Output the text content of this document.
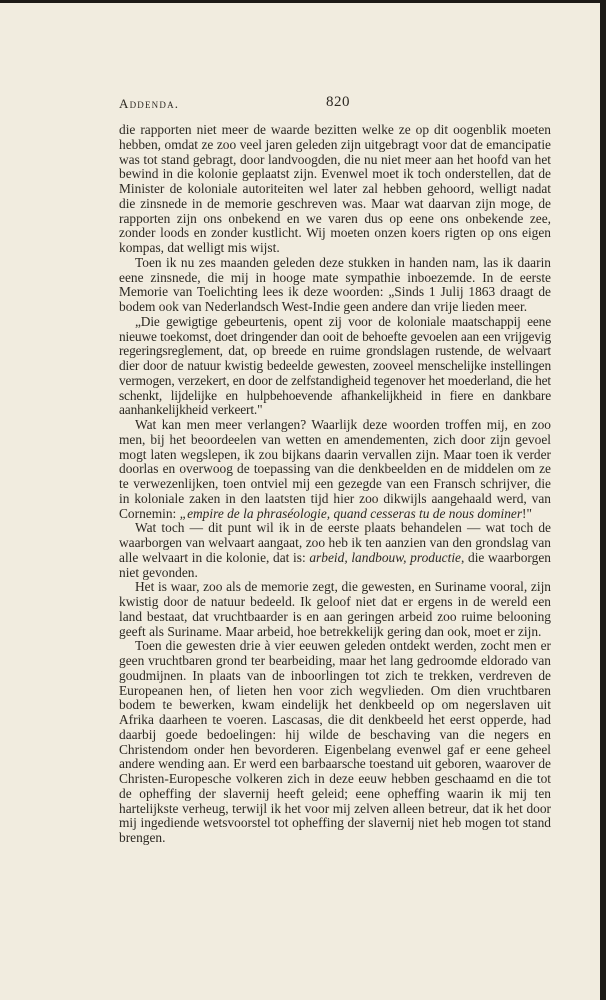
Addenda.	820

die rapporten niet meer de waarde bezitten welke ze op dit oogenblik moeten hebben, omdat ze zoo veel jaren geleden zijn uitgebragt voor dat de emancipatie was tot stand gebragt, door landvoogden, die nu niet meer aan het hoofd van het bewind in die kolonie geplaatst zijn. Evenwel moet ik toch onderstellen, dat de Minister de koloniale autoriteiten wel later zal hebben gehoord, welligt nadat die zinsnede in de memorie geschreven was. Maar wat daarvan zijn moge, de rapporten zijn ons onbekend en we varen dus op eene ons onbekende zee, zonder loods en zonder kustlicht. Wij moeten onzen koers rigten op ons eigen kompas, dat welligt mis wijst.

Toen ik nu zes maanden geleden deze stukken in handen nam, las ik daarin eene zinsnede, die mij in hooge mate sympathie inboezemde. In de eerste Memorie van Toelichting lees ik deze woorden: „Sinds 1 Julij 1863 draagt de bodem ook van Nederlandsch West-Indie geen andere dan vrije lieden meer.

„Die gewigtige gebeurtenis, opent zij voor de koloniale maatschappij eene nieuwe toekomst, doet dringender dan ooit de behoefte gevoelen aan een vrijgevig regeringsreglement, dat, op breede en ruime grondslagen rustende, de welvaart dier door de natuur kwistig bedeelde gewesten, zooveel menschelijke instellingen vermogen, verzekert, en door de zelfstandigheid tegenover het moederland, die het schenkt, lijdelijke en hulpbehoevende afhankelijkheid in fiere en dankbare aanhankelijkheid verkeert."

Wat kan men meer verlangen? Waarlijk deze woorden troffen mij, en zoo men, bij het beoordeelen van wetten en amendementen, zich door zijn gevoel mogt laten wegslepen, ik zou bijkans daarin vervallen zijn. Maar toen ik verder doorlas en overwoog de toepassing van die denkbeelden en de middelen om ze te verwezenlijken, toen ontviel mij een gezegde van een Fransch schrijver, die in koloniale zaken in den laatsten tijd hier zoo dikwijls aangehaald werd, van Cornemin: „empire de la phraséologie, quand cesseras tu de nous dominer!"

Wat toch — dit punt wil ik in de eerste plaats behandelen — wat toch de waarborgen van welvaart aangaat, zoo heb ik ten aanzien van den grondslag van alle welvaart in die kolonie, dat is: arbeid, landbouw, productie, die waarborgen niet gevonden.

Het is waar, zoo als de memorie zegt, die gewesten, en Suriname vooral, zijn kwistig door de natuur bedeeld. Ik geloof niet dat er ergens in de wereld een land bestaat, dat vruchtbaarder is en aan geringen arbeid zoo ruime belooning geeft als Suriname. Maar arbeid, hoe betrekkelijk gering dan ook, moet er zijn.

Toen die gewesten drie à vier eeuwen geleden ontdekt werden, zocht men er geen vruchtbaren grond ter bearbeiding, maar het lang gedroomde eldorado van goudmijnen. In plaats van de inboorlingen tot zich te trekken, verdreven de Europeanen hen, of lieten hen voor zich wegvlieden. Om dien vruchtbaren bodem te bewerken, kwam eindelijk het denkbeeld op om negerslaven uit Afrika daarheen te voeren. Lascasas, die dit denkbeeld het eerst opperde, had daarbij goede bedoelingen: hij wilde de beschaving van die negers en Christendom onder hen bevorderen. Eigenbelang evenwel gaf er eene geheel andere wending aan. Er werd een barbaarsche toestand uit geboren, waarover de Christen-Europesche volkeren zich in deze eeuw hebben geschaamd en die tot de opheffing der slavernij heeft geleid; eene opheffing waarin ik mij ten hartelijkste verheug, terwijl ik het voor mij zelven alleen betreur, dat ik het door mij ingediende wetsvoorstel tot opheffing der slavernij niet heb mogen tot stand brengen.
